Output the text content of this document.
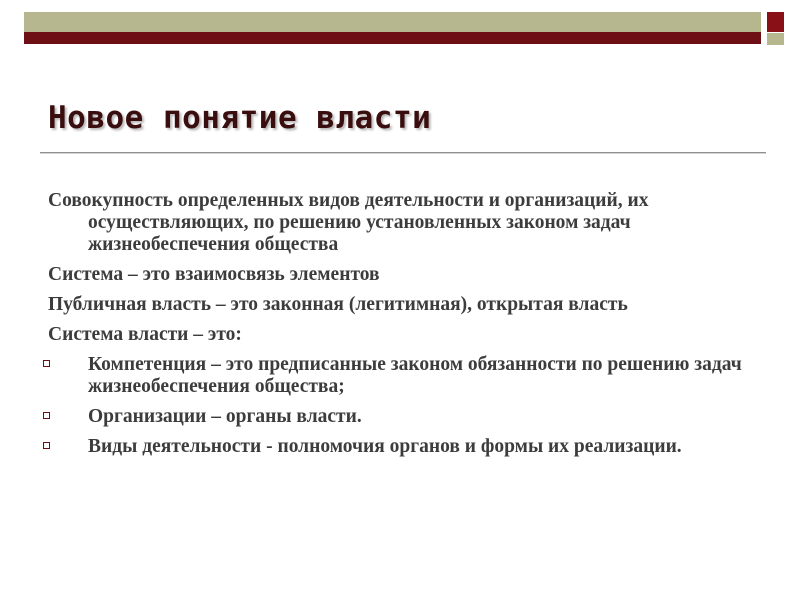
Новое понятие власти

Совокупность определенных видов деятельности и организаций, их осуществляющих, по решению установленных законом задач жизнеобеспечения общества

Система – это взаимосвязь элементов

Публичная власть – это законная (легитимная), открытая власть

Система власти – это:

Компетенция – это предписанные законом обязанности по решению задач жизнеобеспечения общества;
Организации – органы власти.
Виды деятельности - полномочия органов и формы их реализации.
